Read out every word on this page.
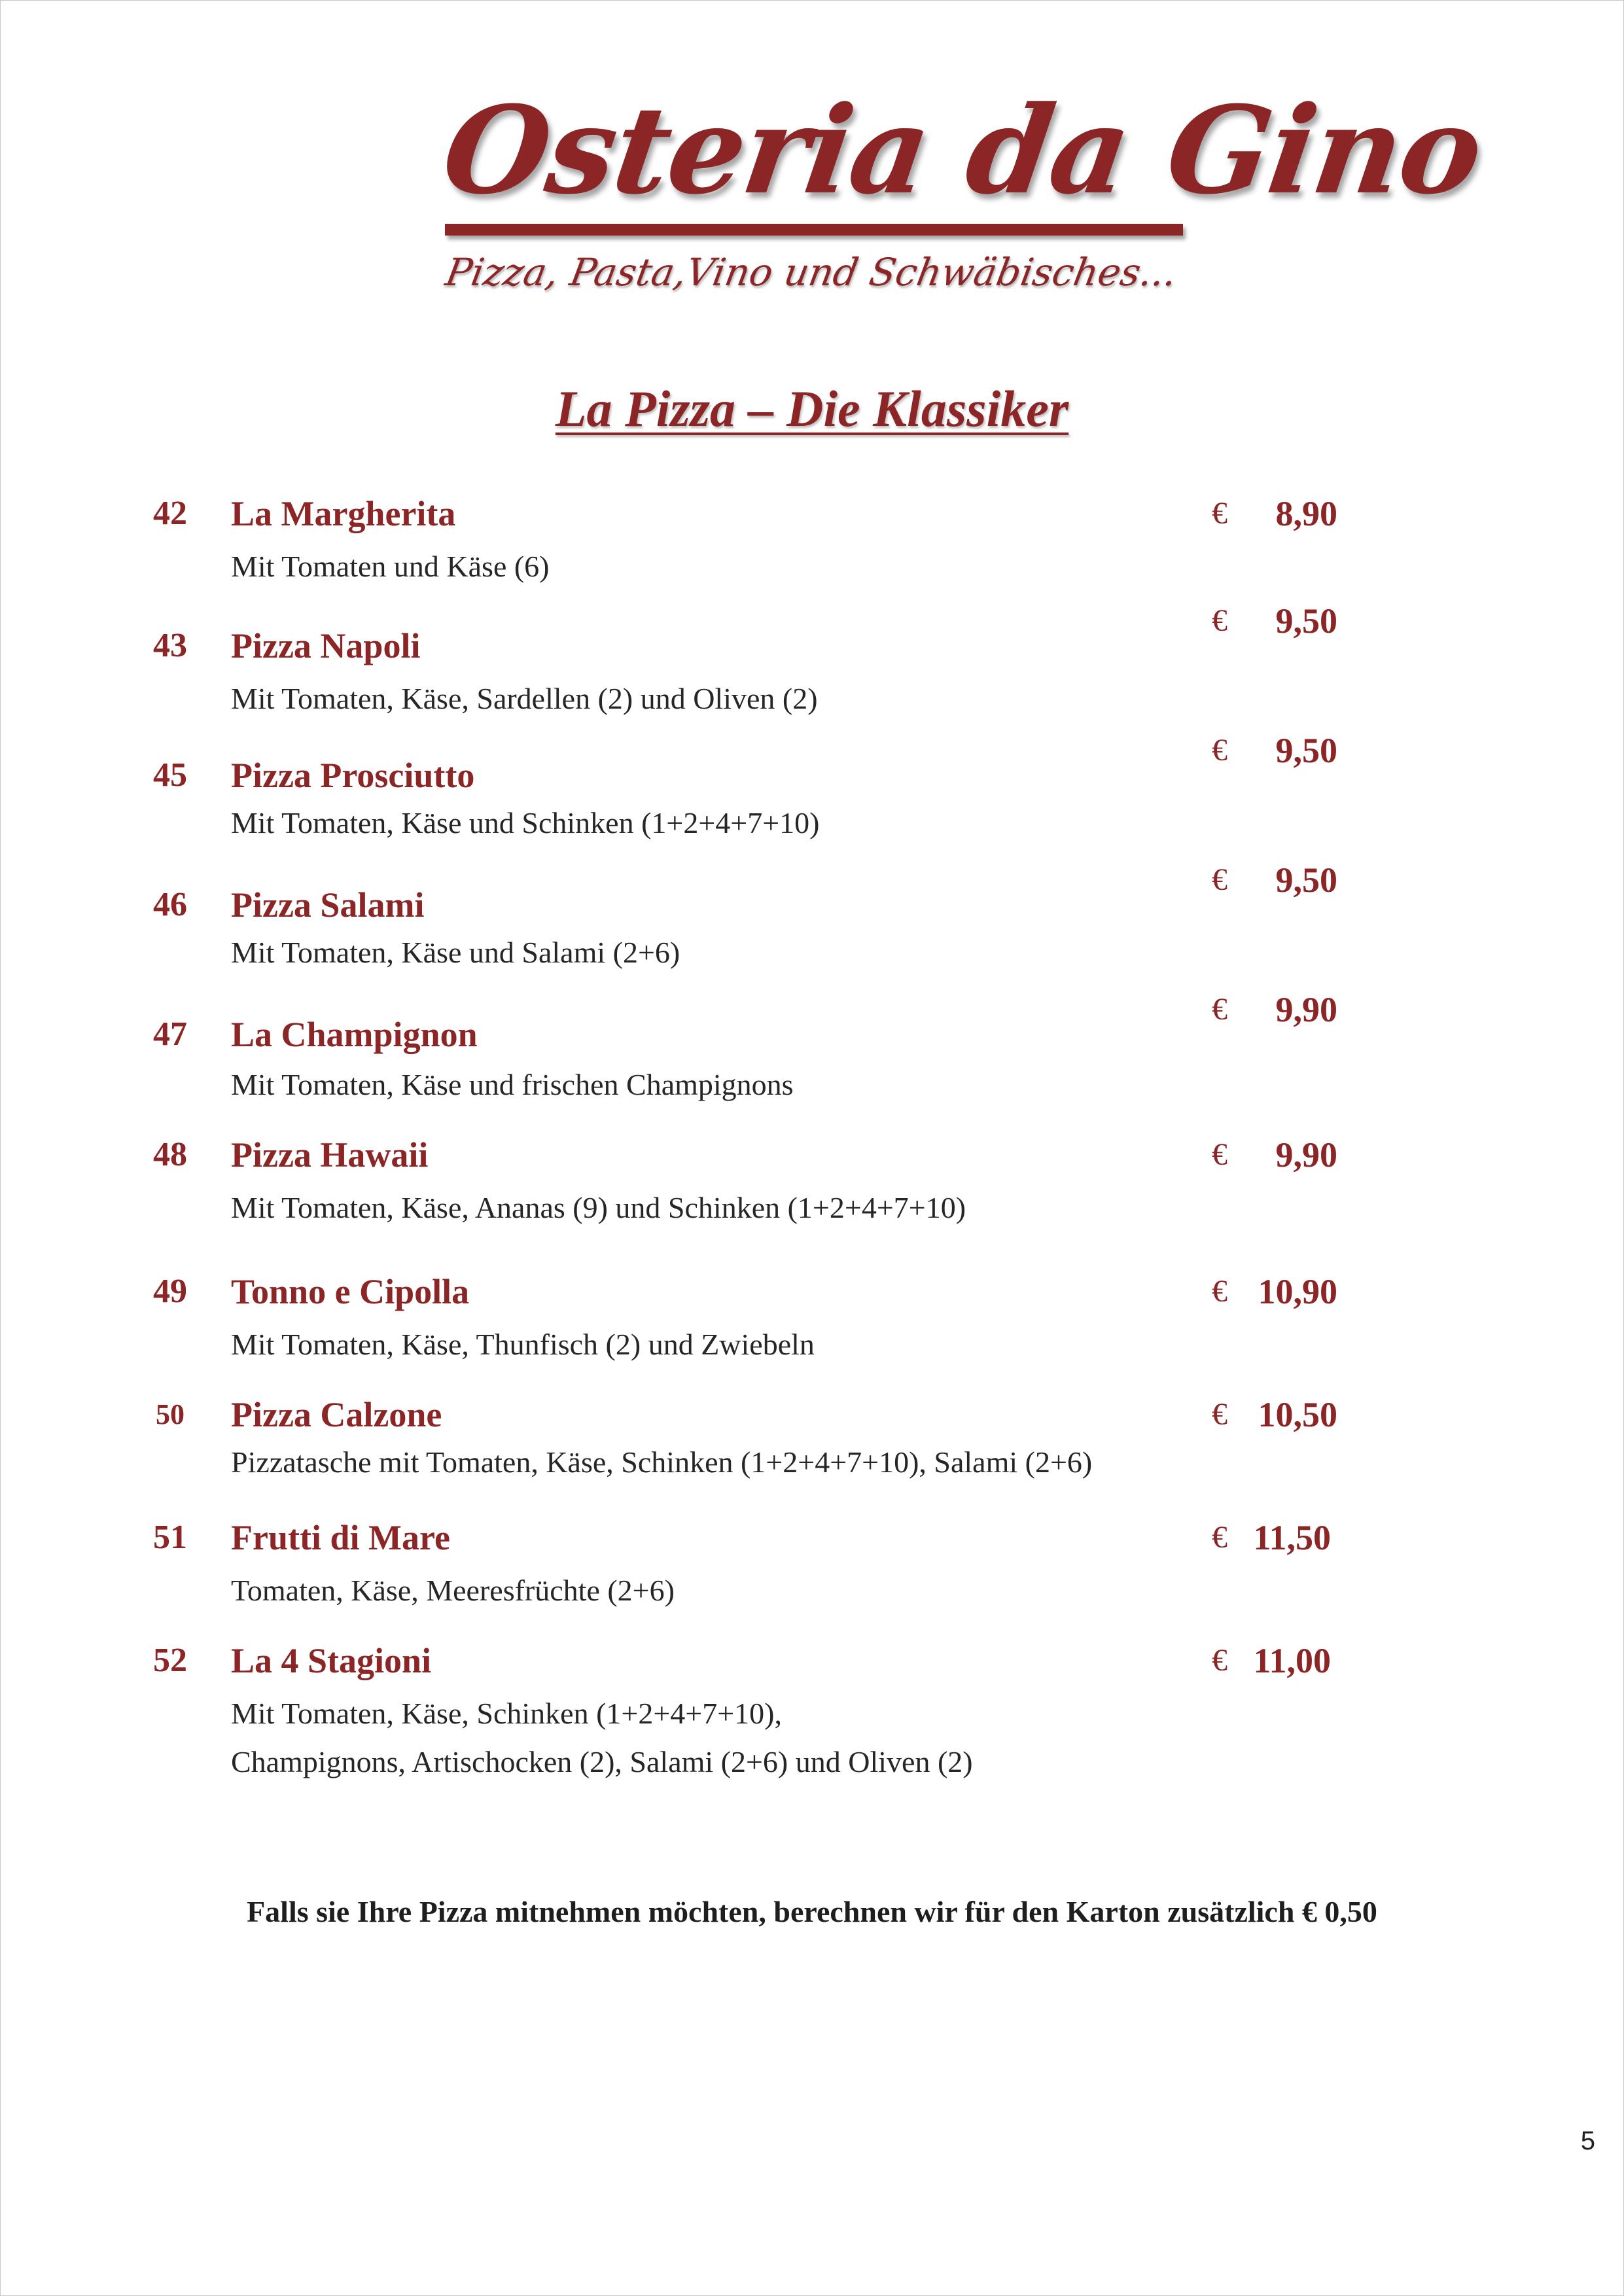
Osteria da Gino
Pizza, Pasta,Vino und Schwäbisches...
La Pizza – Die Klassiker
42	La Margherita
Mit Tomaten und Käse (6)
€ 8,90
43	Pizza Napoli
Mit Tomaten, Käse, Sardellen (2) und Oliven (2)
€ 9,50
45	Pizza Prosciutto
Mit Tomaten, Käse und Schinken (1+2+4+7+10)
€ 9,50
46	Pizza Salami
Mit Tomaten, Käse und Salami (2+6)
€ 9,50
47	La Champignon
Mit Tomaten, Käse und frischen Champignons
€ 9,90
48	Pizza Hawaii
Mit Tomaten, Käse, Ananas (9) und Schinken (1+2+4+7+10)
€ 9,90
49	Tonno e Cipolla
Mit Tomaten, Käse, Thunfisch (2) und Zwiebeln
€ 10,90
50	Pizza Calzone
Pizzatasche mit Tomaten, Käse, Schinken (1+2+4+7+10), Salami (2+6)
€ 10,50
51	Frutti di Mare
Tomaten, Käse, Meeresfrüchte (2+6)
€ 11,50
52	La 4 Stagioni
Mit Tomaten, Käse, Schinken (1+2+4+7+10),
Champignons, Artischocken (2), Salami (2+6) und Oliven (2)
€ 11,00
Falls sie Ihre Pizza mitnehmen möchten, berechnen wir für den Karton zusätzlich € 0,50
5
